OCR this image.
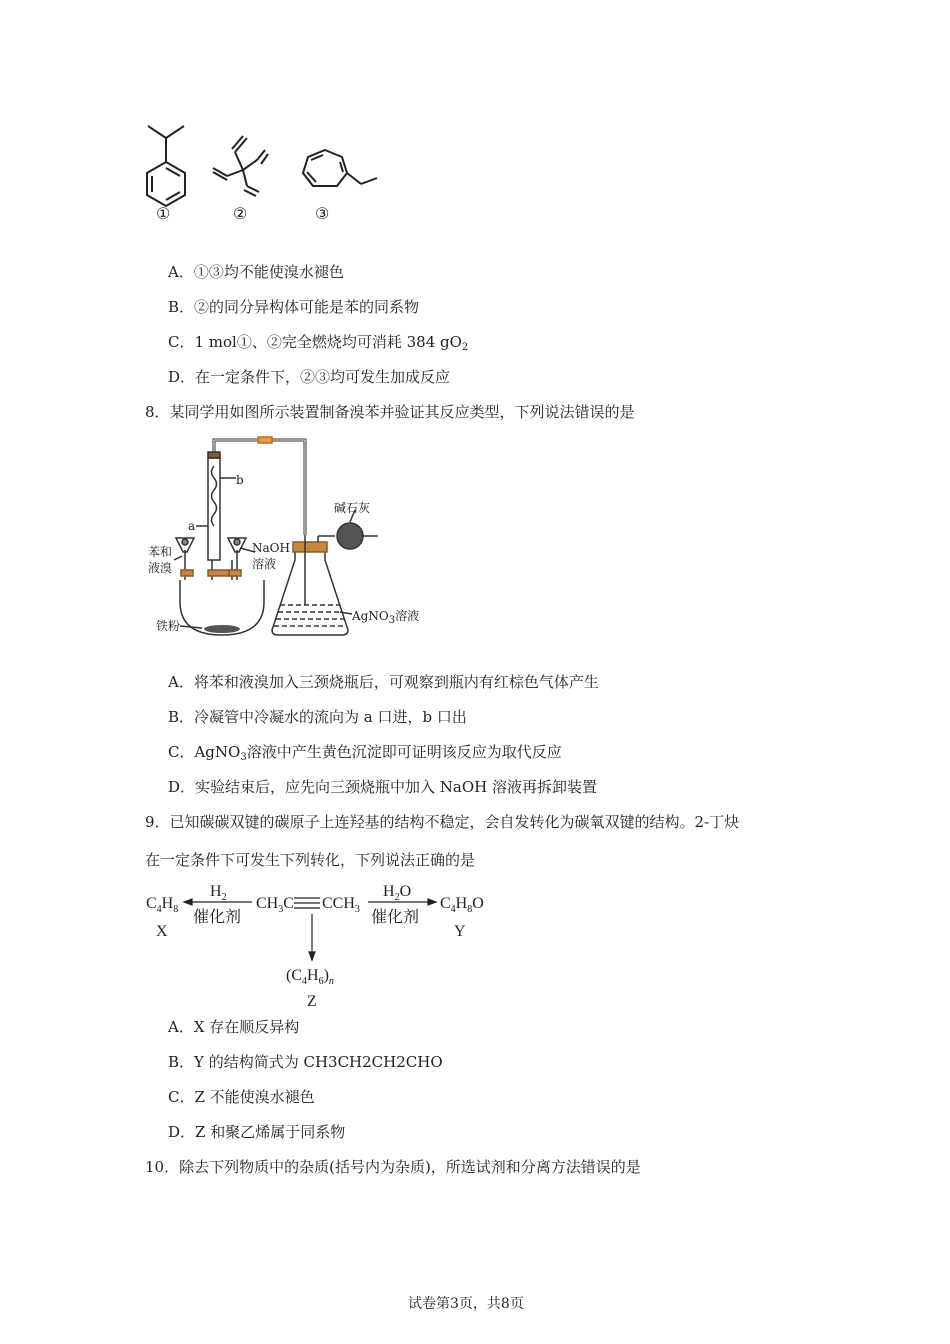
①	②	③
A．①③均不能使溴水褪色
B．②的同分异构体可能是苯的同系物
C．1 mol①、②完全燃烧均可消耗 384 $gO_2$
D．在一定条件下，②③均可发生加成反应
8．某同学用如图所示装置制备溴苯并验证其反应类型，下列说法错误的是
b
a
苯和
液溴
NaOH
溶液
铁粉
碱石灰
AgNO$_3$溶液
A．将苯和液溴加入三颈烧瓶后，可观察到瓶内有红棕色气体产生
B．冷凝管中冷凝水的流向为 a 口进，b 口出
C．AgNO$_3$溶液中产生黄色沉淀即可证明该反应为取代反应
D．实验结束后，应先向三颈烧瓶中加入 NaOH 溶液再拆卸装置
9．已知碳碳双键的碳原子上连羟基的结构不稳定，会自发转化为碳氧双键的结构。2-丁炔
在一定条件下可发生下列转化，下列说法正确的是
$C_4H_8$
X
$H_2$
催化剂
$CH_3C$ $CCH_3$
$H_2O$
催化剂
$C_4H_8O$
Y
$(C_4H_6)_n$
Z
A．X 存在顺反异构
B．Y 的结构简式为 CH3CH2CH2CHO
C．Z 不能使溴水褪色
D．Z 和聚乙烯属于同系物
10．除去下列物质中的杂质(括号内为杂质)，所选试剂和分离方法错误的是
试卷第3页，共8页
